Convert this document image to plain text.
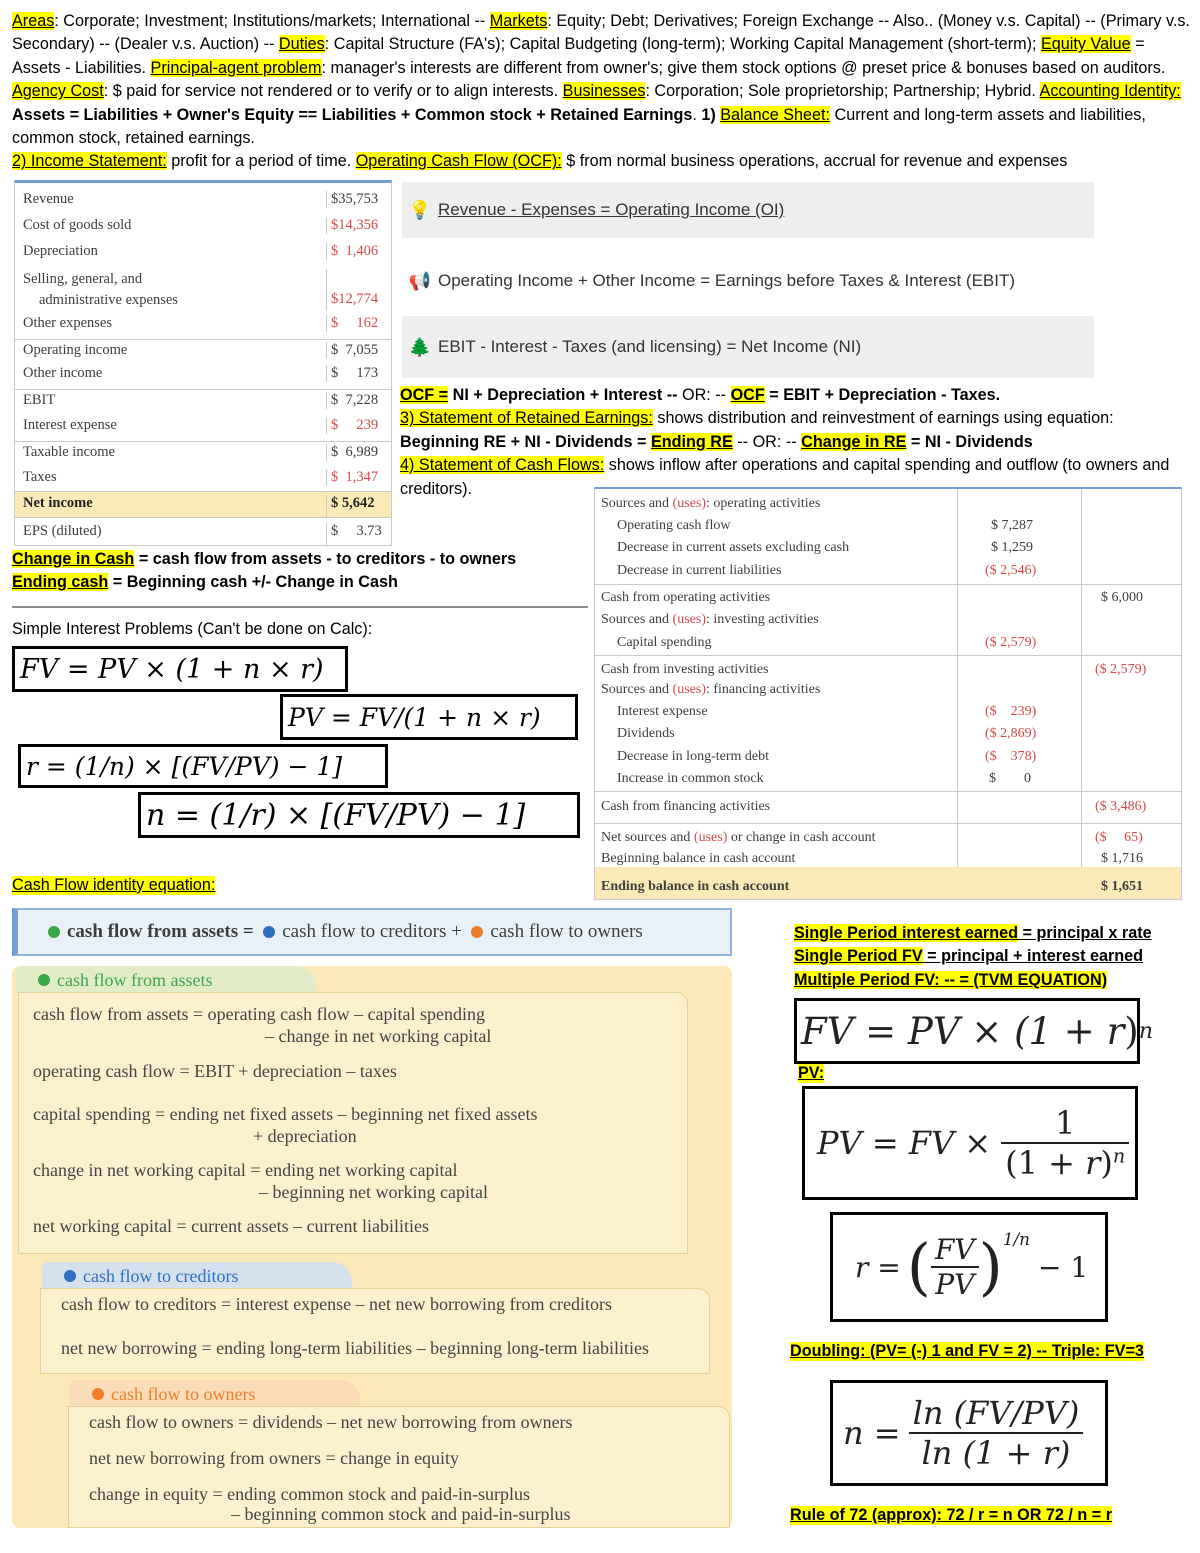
Areas: Corporate; Investment; Institutions/markets; International -- Markets: Equity; Debt; Derivatives; Foreign Exchange -- Also.. (Money v.s. Capital) -- (Primary v.s. Secondary) -- (Dealer v.s. Auction) -- Duties: Capital Structure (FA's); Capital Budgeting (long-term); Working Capital Management (short-term); Equity Value = Assets - Liabilities. Principal-agent problem: manager's interests are different from owner's; give them stock options @ preset price & bonuses based on auditors. Agency Cost: $ paid for service not rendered or to verify or to align interests. Businesses: Corporation; Sole proprietorship; Partnership; Hybrid. Accounting Identity: Assets = Liabilities + Owner's Equity == Liabilities + Common stock + Retained Earnings. 1) Balance Sheet: Current and long-term assets and liabilities, common stock, retained earnings.
2) Income Statement: profit for a period of time. Operating Cash Flow (OCF): $ from normal business operations, accrual for revenue and expenses
Revenue	$35,753
Cost of goods sold	$14,356
Depreciation	$  1,406
Selling, general, and
administrative expenses	$12,774
Other expenses	$     162
Operating income	$  7,055
Other income	$     173
EBIT	$  7,228
Interest expense	$     239
Taxable income	$  6,989
Taxes	$  1,347
Net income	$ 5,642
EPS (diluted)	$     3.73
💡 Revenue - Expenses = Operating Income (OI)
📢 Operating Income + Other Income = Earnings before Taxes & Interest (EBIT)
🌲 EBIT - Interest - Taxes (and licensing) = Net Income (NI)
OCF = NI + Depreciation + Interest -- OR: -- OCF = EBIT + Depreciation - Taxes.
3) Statement of Retained Earnings: shows distribution and reinvestment of earnings using equation:
Beginning RE + NI - Dividends = Ending RE -- OR: -- Change in RE = NI - Dividends
4) Statement of Cash Flows: shows inflow after operations and capital spending and outflow (to owners and creditors).
Sources and (uses): operating activities
Operating cash flow	$ 7,287
Decrease in current assets excluding cash	$ 1,259
Decrease in current liabilities	($ 2,546)
Cash from operating activities	$ 6,000
Sources and (uses): investing activities
Capital spending	($ 2,579)
Cash from investing activities	($ 2,579)
Sources and (uses): financing activities
Interest expense	($    239)
Dividends	($ 2,869)
Decrease in long-term debt	($    378)
Increase in common stock	$        0
Cash from financing activities	($ 3,486)
Net sources and (uses) or change in cash account	($     65)
Beginning balance in cash account	$ 1,716
Ending balance in cash account	$ 1,651
Change in Cash = cash flow from assets - to creditors - to owners
Ending cash = Beginning cash +/- Change in Cash
Simple Interest Problems (Can't be done on Calc):
FV = PV × (1 + n × r)
PV = FV/(1 + n × r)
r = (1/n) × [(FV/PV) − 1]
n = (1/r) × [(FV/PV) − 1]
Cash Flow identity equation:
cash flow from assets =
cash flow to creditors +
cash flow to owners
cash flow from assets
cash flow from assets = operating cash flow – capital spending
– change in net working capital
operating cash flow = EBIT + depreciation – taxes
capital spending = ending net fixed assets – beginning net fixed assets
+ depreciation
change in net working capital = ending net working capital
– beginning net working capital
net working capital = current assets – current liabilities
cash flow to creditors
cash flow to creditors = interest expense – net new borrowing from creditors
net new borrowing = ending long-term liabilities – beginning long-term liabilities
cash flow to owners
cash flow to owners = dividends – net new borrowing from owners
net new borrowing from owners = change in equity
change in equity = ending common stock and paid-in-surplus
– beginning common stock and paid-in-surplus
Single Period interest earned = principal x rate
Single Period FV = principal + interest earned
Multiple Period FV: -- = (TVM EQUATION)
FV = PV × (1 + r ) n
PV:
PV = FV × $\frac{1}{(1 + r)^n}$
r = ( $\frac{FV}{PV}$ ) 1/n
− 1
Doubling: (PV= (-) 1 and FV = 2) -- Triple: FV=3
$n = \frac{\ln (FV/PV)}{\ln (1 + r)}$
Rule of 72 (approx): 72 / r = n OR 72 / n = r
